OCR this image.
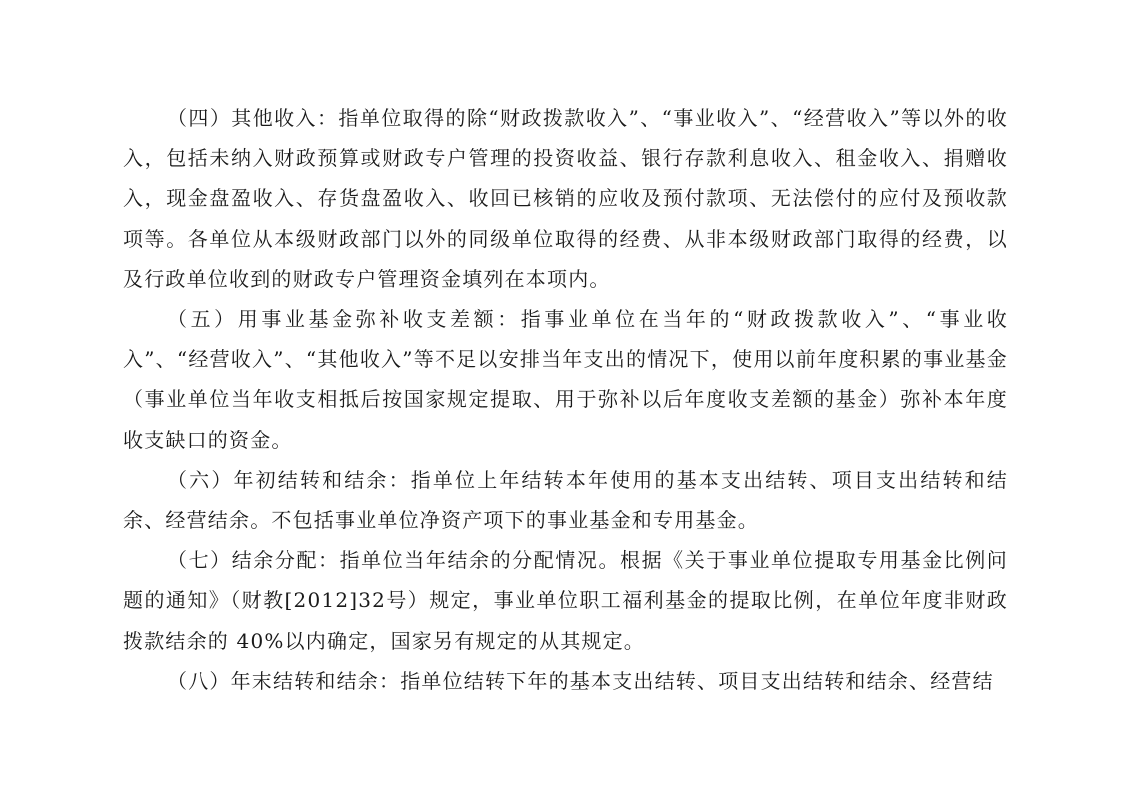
（四）其他收入：指单位取得的除“财政拨款收入”、“事业收入”、“经营收入”等以外的收入，包括未纳入财政预算或财政专户管理的投资收益、银行存款利息收入、租金收入、捐赠收入，现金盘盈收入、存货盘盈收入、收回已核销的应收及预付款项、无法偿付的应付及预收款项等。各单位从本级财政部门以外的同级单位取得的经费、从非本级财政部门取得的经费，以及行政单位收到的财政专户管理资金填列在本项内。

（五）用事业基金弥补收支差额：指事业单位在当年的“财政拨款收入”、“事业收入”、“经营收入”、“其他收入”等不足以安排当年支出的情况下，使用以前年度积累的事业基金（事业单位当年收支相抵后按国家规定提取、用于弥补以后年度收支差额的基金）弥补本年度收支缺口的资金。

（六）年初结转和结余：指单位上年结转本年使用的基本支出结转、项目支出结转和结余、经营结余。不包括事业单位净资产项下的事业基金和专用基金。

（七）结余分配：指单位当年结余的分配情况。根据《关于事业单位提取专用基金比例问题的通知》（财教[2012]32号）规定，事业单位职工福利基金的提取比例，在单位年度非财政拨款结余的 40%以内确定，国家另有规定的从其规定。

（八）年末结转和结余：指单位结转下年的基本支出结转、项目支出结转和结余、经营结
